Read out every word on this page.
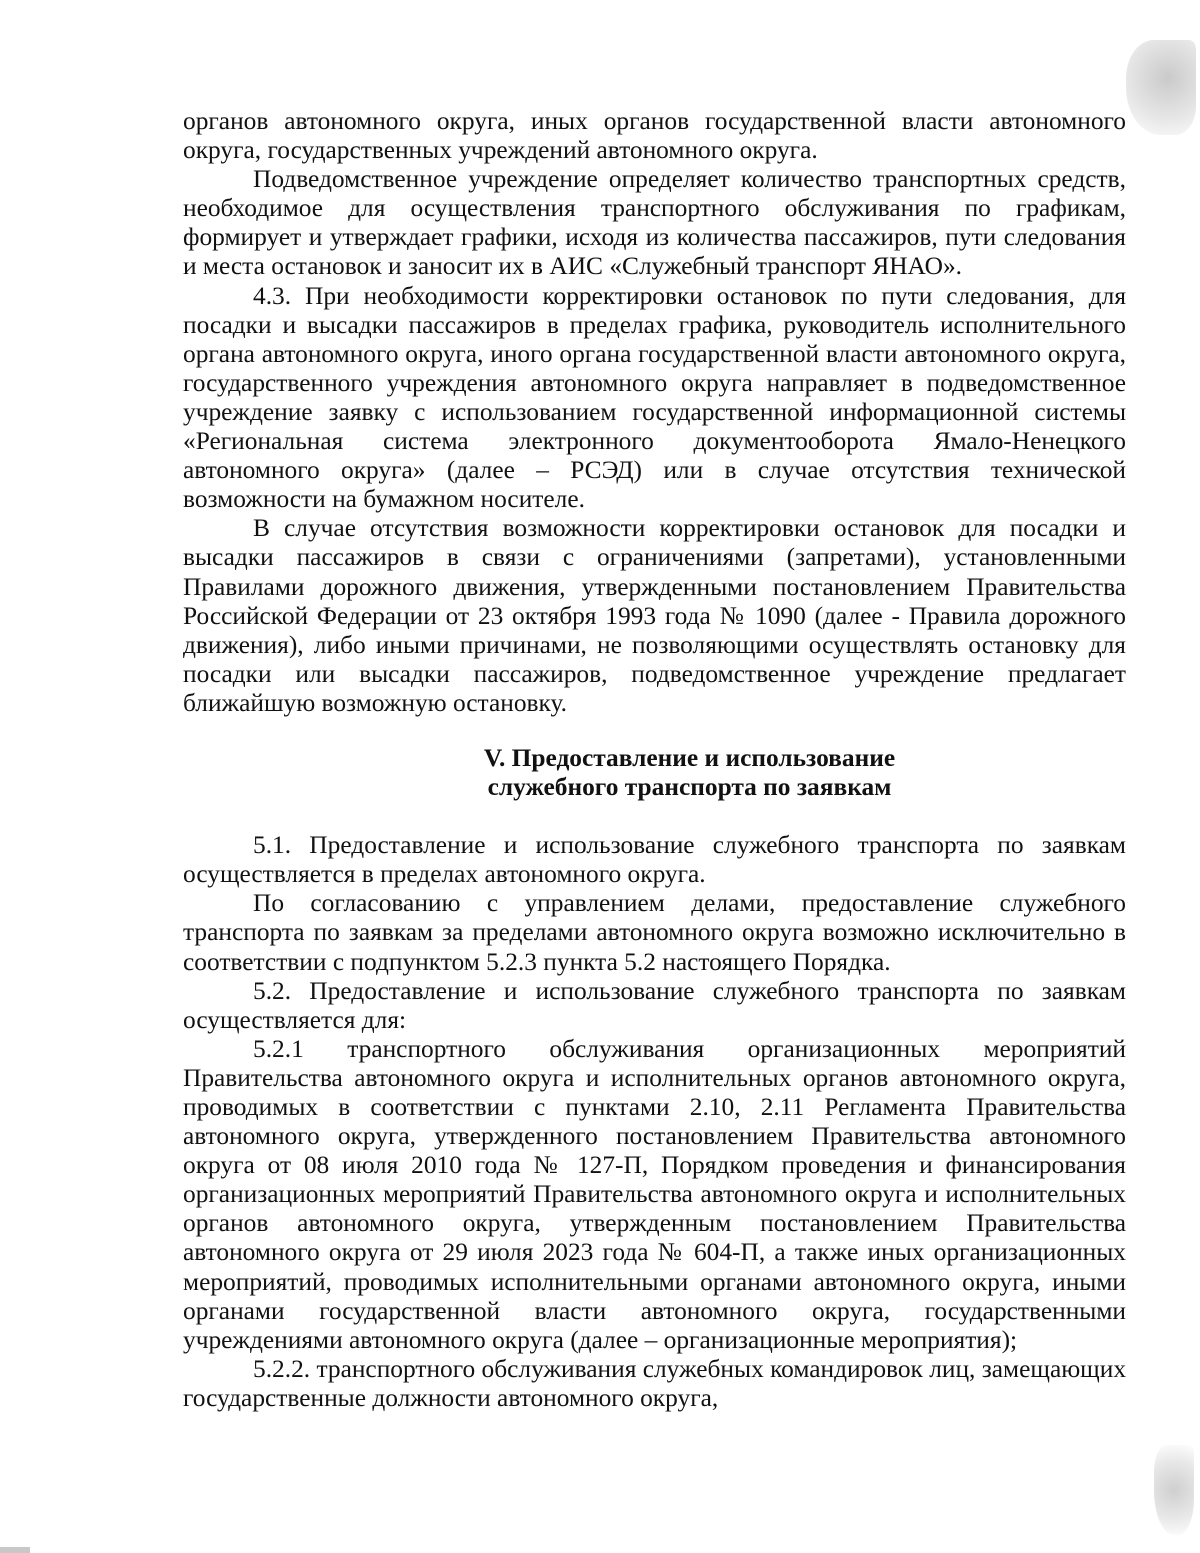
органов автономного округа, иных органов государственной власти автономного округа, государственных учреждений автономного округа.

Подведомственное учреждение определяет количество транспортных средств, необходимое для осуществления транспортного обслуживания по графикам, формирует и утверждает графики, исходя из количества пассажиров, пути следования и места остановок и заносит их в АИС «Служебный транспорт ЯНАО».

4.3. При необходимости корректировки остановок по пути следования, для посадки и высадки пассажиров в пределах графика, руководитель исполнительного органа автономного округа, иного органа государственной власти автономного округа, государственного учреждения автономного округа направляет в подведомственное учреждение заявку с использованием государственной информационной системы «Региональная система электронного документооборота Ямало-Ненецкого автономного округа» (далее – РСЭД) или в случае отсутствия технической возможности на бумажном носителе.

В случае отсутствия возможности корректировки остановок для посадки и высадки пассажиров в связи с ограничениями (запретами), установленными Правилами дорожного движения, утвержденными постановлением Правительства Российской Федерации от 23 октября 1993 года № 1090 (далее - Правила дорожного движения), либо иными причинами, не позволяющими осуществлять остановку для посадки или высадки пассажиров, подведомственное учреждение предлагает ближайшую возможную остановку.

V. Предоставление и использование
служебного транспорта по заявкам

5.1. Предоставление и использование служебного транспорта по заявкам осуществляется в пределах автономного округа.

По согласованию с управлением делами, предоставление служебного транспорта по заявкам за пределами автономного округа возможно исключительно в соответствии с подпунктом 5.2.3 пункта 5.2 настоящего Порядка.

5.2. Предоставление и использование служебного транспорта по заявкам осуществляется для:

5.2.1 транспортного обслуживания организационных мероприятий Правительства автономного округа и исполнительных органов автономного округа, проводимых в соответствии с пунктами 2.10, 2.11 Регламента Правительства автономного округа, утвержденного постановлением Правительства автономного округа от 08 июля 2010 года № 127-П, Порядком проведения и финансирования организационных мероприятий Правительства автономного округа и исполнительных органов автономного округа, утвержденным постановлением Правительства автономного округа от 29 июля 2023 года № 604-П, а также иных организационных мероприятий, проводимых исполнительными органами автономного округа, иными органами государственной власти автономного округа, государственными учреждениями автономного округа (далее – организационные мероприятия);

5.2.2. транспортного обслуживания служебных командировок лиц, замещающих государственные должности автономного округа,
